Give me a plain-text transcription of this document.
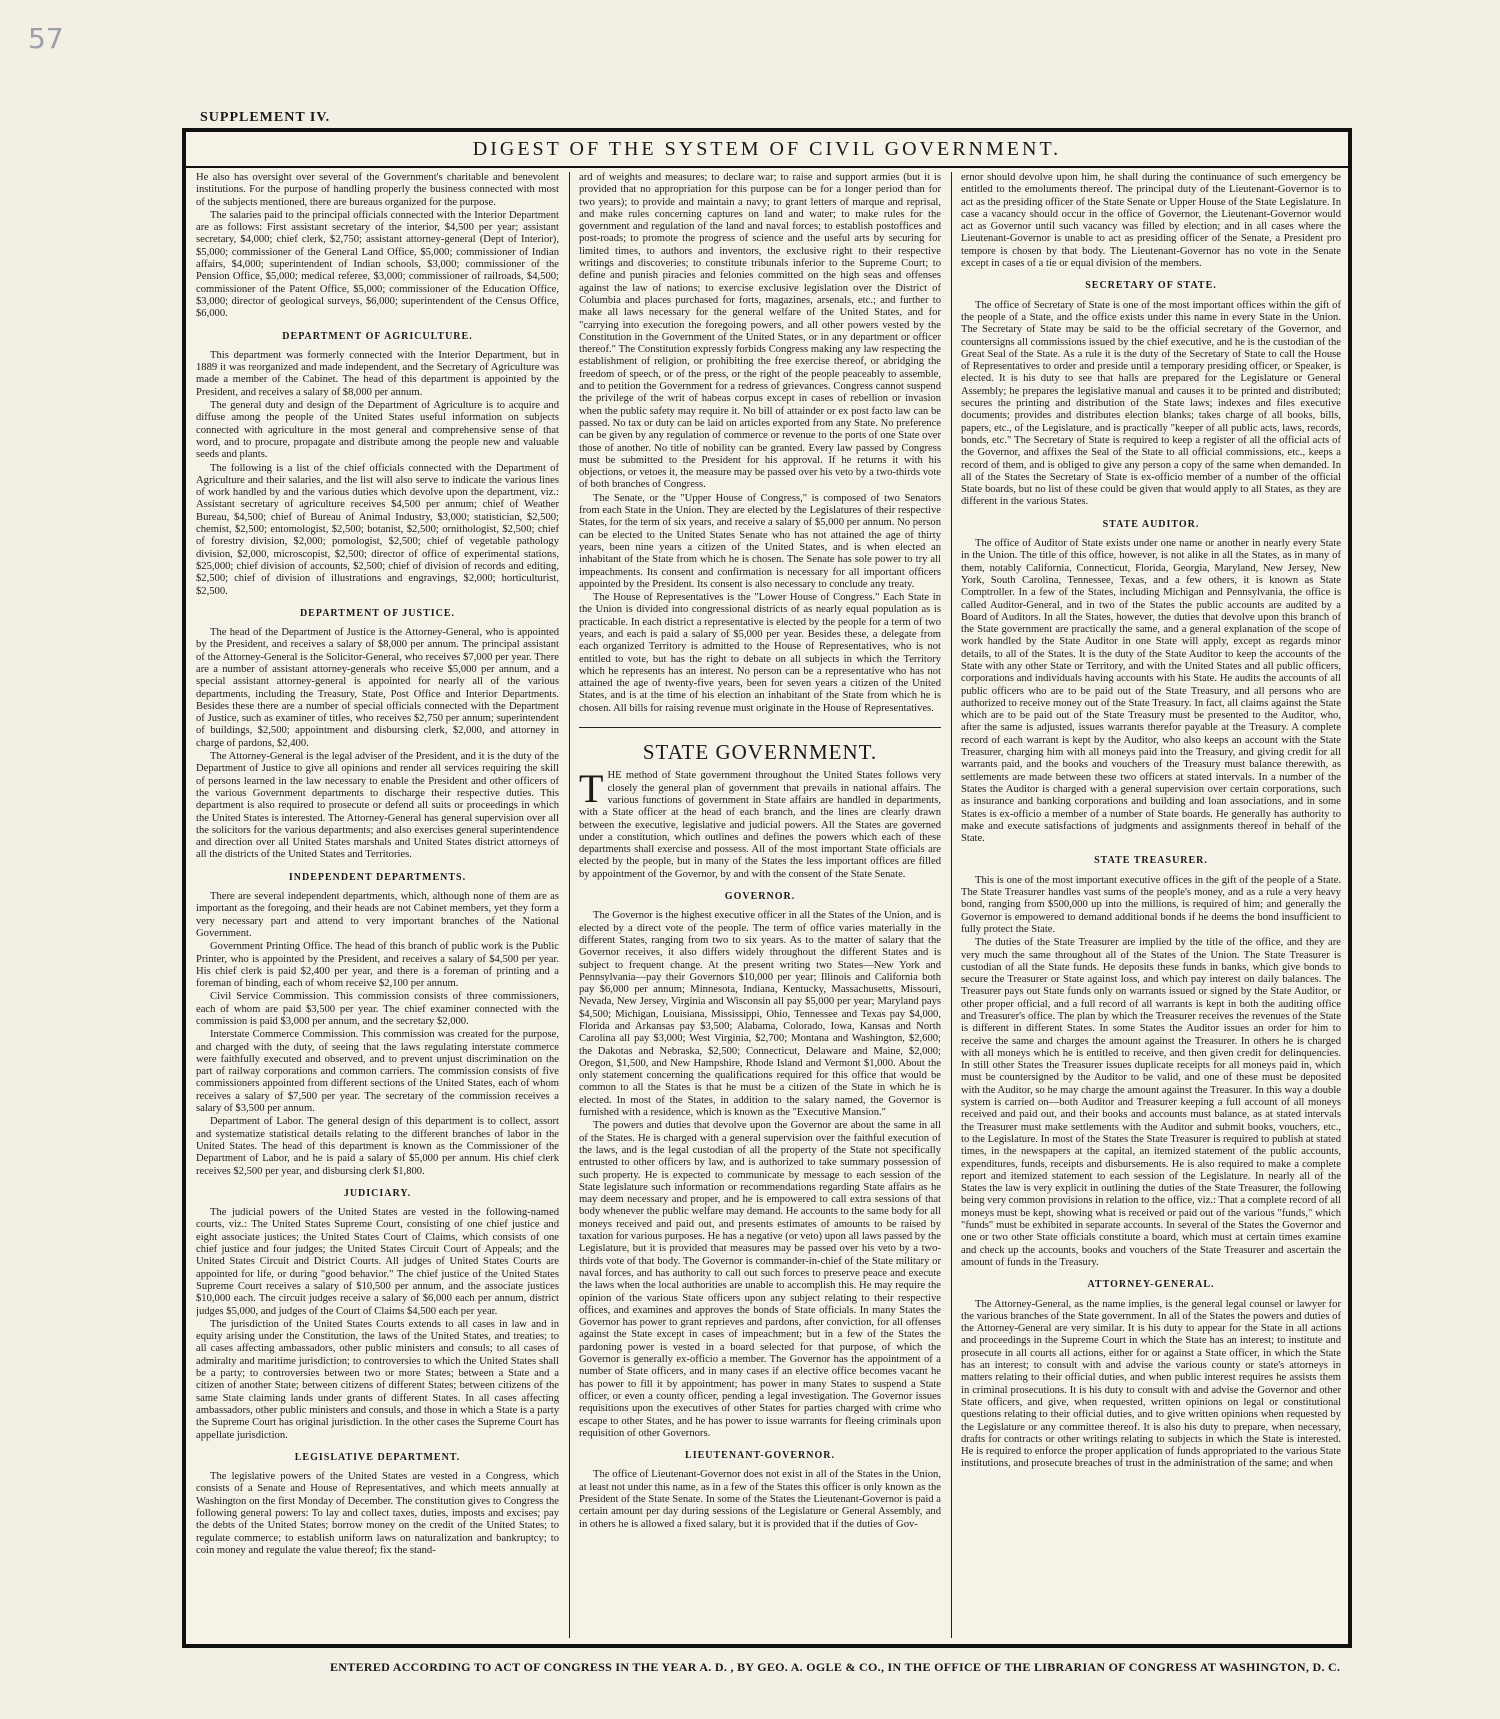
57
SUPPLEMENT IV.
DIGEST OF THE SYSTEM OF CIVIL GOVERNMENT.

He also has oversight over several of the Government's charitable and benevolent institutions. For the purpose of handling properly the business connected with most of the subjects mentioned, there are bureaus organized for the purpose.

The salaries paid to the principal officials connected with the Interior Department are as follows: First assistant secretary of the interior, $4,500 per year; assistant secretary, $4,000; chief clerk, $2,750; assistant attorney-general (Dept of Interior), $5,000; commissioner of the General Land Office, $5,000; commissioner of Indian affairs, $4,000; superintendent of Indian schools, $3,000; commissioner of the Pension Office, $5,000; medical referee, $3,000; commissioner of railroads, $4,500; commissioner of the Patent Office, $5,000; commissioner of the Education Office, $3,000; director of geological surveys, $6,000; superintendent of the Census Office, $6,000.

DEPARTMENT OF AGRICULTURE.

This department was formerly connected with the Interior Department, but in 1889 it was reorganized and made independent, and the Secretary of Agriculture was made a member of the Cabinet. The head of this department is appointed by the President, and receives a salary of $8,000 per annum.

The general duty and design of the Department of Agriculture is to acquire and diffuse among the people of the United States useful information on subjects connected with agriculture in the most general and comprehensive sense of that word, and to procure, propagate and distribute among the people new and valuable seeds and plants.

The following is a list of the chief officials connected with the Department of Agriculture and their salaries, and the list will also serve to indicate the various lines of work handled by and the various duties which devolve upon the department, viz.: Assistant secretary of agriculture receives $4,500 per annum; chief of Weather Bureau, $4,500; chief of Bureau of Animal Industry, $3,000; statistician, $2,500; chemist, $2,500; entomologist, $2,500; botanist, $2,500; ornithologist, $2,500; chief of forestry division, $2,000; pomologist, $2,500; chief of vegetable pathology division, $2,000, microscopist, $2,500; director of office of experimental stations, $25,000; chief division of accounts, $2,500; chief of division of records and editing, $2,500; chief of division of illustrations and engravings, $2,000; horticulturist, $2,500.

DEPARTMENT OF JUSTICE.

The head of the Department of Justice is the Attorney-General, who is appointed by the President, and receives a salary of $8,000 per annum. The principal assistant of the Attorney-General is the Solicitor-General, who receives $7,000 per year. There are a number of assistant attorney-generals who receive $5,000 per annum, and a special assistant attorney-general is appointed for nearly all of the various departments, including the Treasury, State, Post Office and Interior Departments. Besides these there are a number of special officials connected with the Department of Justice, such as examiner of titles, who receives $2,750 per annum; superintendent of buildings, $2,500; appointment and disbursing clerk, $2,000, and attorney in charge of pardons, $2,400.

The Attorney-General is the legal adviser of the President, and it is the duty of the Department of Justice to give all opinions and render all services requiring the skill of persons learned in the law necessary to enable the President and other officers of the various Government departments to discharge their respective duties. This department is also required to prosecute or defend all suits or proceedings in which the United States is interested. The Attorney-General has general supervision over all the solicitors for the various departments; and also exercises general superintendence and direction over all United States marshals and United States district attorneys of all the districts of the United States and Territories.

INDEPENDENT DEPARTMENTS.

There are several independent departments, which, although none of them are as important as the foregoing, and their heads are not Cabinet members, yet they form a very necessary part and attend to very important branches of the National Government.

Government Printing Office. The head of this branch of public work is the Public Printer, who is appointed by the President, and receives a salary of $4,500 per year. His chief clerk is paid $2,400 per year, and there is a foreman of printing and a foreman of binding, each of whom receive $2,100 per annum.

Civil Service Commission. This commission consists of three commissioners, each of whom are paid $3,500 per year. The chief examiner connected with the commission is paid $3,000 per annum, and the secretary $2,000.

Interstate Commerce Commission. This commission was created for the purpose, and charged with the duty, of seeing that the laws regulating interstate commerce were faithfully executed and observed, and to prevent unjust discrimination on the part of railway corporations and common carriers. The commission consists of five commissioners appointed from different sections of the United States, each of whom receives a salary of $7,500 per year. The secretary of the commission receives a salary of $3,500 per annum.

Department of Labor. The general design of this department is to collect, assort and systematize statistical details relating to the different branches of labor in the United States. The head of this department is known as the Commissioner of the Department of Labor, and he is paid a salary of $5,000 per annum. His chief clerk receives $2,500 per year, and disbursing clerk $1,800.

JUDICIARY.

The judicial powers of the United States are vested in the following-named courts, viz.: The United States Supreme Court, consisting of one chief justice and eight associate justices; the United States Court of Claims, which consists of one chief justice and four judges; the United States Circuit Court of Appeals; and the United States Circuit and District Courts. All judges of United States Courts are appointed for life, or during "good behavior." The chief justice of the United States Supreme Court receives a salary of $10,500 per annum, and the associate justices $10,000 each. The circuit judges receive a salary of $6,000 each per annum, district judges $5,000, and judges of the Court of Claims $4,500 each per year.

The jurisdiction of the United States Courts extends to all cases in law and in equity arising under the Constitution, the laws of the United States, and treaties; to all cases affecting ambassadors, other public ministers and consuls; to all cases of admiralty and maritime jurisdiction; to controversies to which the United States shall be a party; to controversies between two or more States; between a State and a citizen of another State; between citizens of different States; between citizens of the same State claiming lands under grants of different States. In all cases affecting ambassadors, other public ministers and consuls, and those in which a State is a party the Supreme Court has original jurisdiction. In the other cases the Supreme Court has appellate jurisdiction.

LEGISLATIVE DEPARTMENT.

The legislative powers of the United States are vested in a Congress, which consists of a Senate and House of Representatives, and which meets annually at Washington on the first Monday of December. The constitution gives to Congress the following general powers: To lay and collect taxes, duties, imposts and excises; pay the debts of the United States; borrow money on the credit of the United States; to regulate commerce; to establish uniform laws on naturalization and bankruptcy; to coin money and regulate the value thereof; fix the stand-

ard of weights and measures; to declare war; to raise and support armies (but it is provided that no appropriation for this purpose can be for a longer period than for two years); to provide and maintain a navy; to grant letters of marque and reprisal, and make rules concerning captures on land and water; to make rules for the government and regulation of the land and naval forces; to establish postoffices and post-roads; to promote the progress of science and the useful arts by securing for limited times, to authors and inventors, the exclusive right to their respective writings and discoveries; to constitute tribunals inferior to the Supreme Court; to define and punish piracies and felonies committed on the high seas and offenses against the law of nations; to exercise exclusive legislation over the District of Columbia and places purchased for forts, magazines, arsenals, etc.; and further to make all laws necessary for the general welfare of the United States, and for "carrying into execution the foregoing powers, and all other powers vested by the Constitution in the Government of the United States, or in any department or officer thereof." The Constitution expressly forbids Congress making any law respecting the establishment of religion, or prohibiting the free exercise thereof, or abridging the freedom of speech, or of the press, or the right of the people peaceably to assemble, and to petition the Government for a redress of grievances. Congress cannot suspend the privilege of the writ of habeas corpus except in cases of rebellion or invasion when the public safety may require it. No bill of attainder or ex post facto law can be passed. No tax or duty can be laid on articles exported from any State. No preference can be given by any regulation of commerce or revenue to the ports of one State over those of another. No title of nobility can be granted. Every law passed by Congress must be submitted to the President for his approval. If he returns it with his objections, or vetoes it, the measure may be passed over his veto by a two-thirds vote of both branches of Congress.

The Senate, or the "Upper House of Congress," is composed of two Senators from each State in the Union. They are elected by the Legislatures of their respective States, for the term of six years, and receive a salary of $5,000 per annum. No person can be elected to the United States Senate who has not attained the age of thirty years, been nine years a citizen of the United States, and is when elected an inhabitant of the State from which he is chosen. The Senate has sole power to try all impeachments. Its consent and confirmation is necessary for all important officers appointed by the President. Its consent is also necessary to conclude any treaty.

The House of Representatives is the "Lower House of Congress." Each State in the Union is divided into congressional districts of as nearly equal population as is practicable. In each district a representative is elected by the people for a term of two years, and each is paid a salary of $5,000 per year. Besides these, a delegate from each organized Territory is admitted to the House of Representatives, who is not entitled to vote, but has the right to debate on all subjects in which the Territory which he represents has an interest. No person can be a representative who has not attained the age of twenty-five years, been for seven years a citizen of the United States, and is at the time of his election an inhabitant of the State from which he is chosen. All bills for raising revenue must originate in the House of Representatives.

STATE GOVERNMENT.

THE method of State government throughout the United States follows very closely the general plan of government that prevails in national affairs. The various functions of government in State affairs are handled in departments, with a State officer at the head of each branch, and the lines are clearly drawn between the executive, legislative and judicial powers. All the States are governed under a constitution, which outlines and defines the powers which each of these departments shall exercise and possess. All of the most important State officials are elected by the people, but in many of the States the less important offices are filled by appointment of the Governor, by and with the consent of the State Senate.

GOVERNOR.

The Governor is the highest executive officer in all the States of the Union, and is elected by a direct vote of the people. The term of office varies materially in the different States, ranging from two to six years. As to the matter of salary that the Governor receives, it also differs widely throughout the different States and is subject to frequent change. At the present writing two States—New York and Pennsylvania—pay their Governors $10,000 per year; Illinois and California both pay $6,000 per annum; Minnesota, Indiana, Kentucky, Massachusetts, Missouri, Nevada, New Jersey, Virginia and Wisconsin all pay $5,000 per year; Maryland pays $4,500; Michigan, Louisiana, Mississippi, Ohio, Tennessee and Texas pay $4,000, Florida and Arkansas pay $3,500; Alabama, Colorado, Iowa, Kansas and North Carolina all pay $3,000; West Virginia, $2,700; Montana and Washington, $2,600; the Dakotas and Nebraska, $2,500; Connecticut, Delaware and Maine, $2,000; Oregon, $1,500, and New Hampshire, Rhode Island and Vermont $1,000. About the only statement concerning the qualifications required for this office that would be common to all the States is that he must be a citizen of the State in which he is elected. In most of the States, in addition to the salary named, the Governor is furnished with a residence, which is known as the "Executive Mansion."

The powers and duties that devolve upon the Governor are about the same in all of the States. He is charged with a general supervision over the faithful execution of the laws, and is the legal custodian of all the property of the State not specifically entrusted to other officers by law, and is authorized to take summary possession of such property. He is expected to communicate by message to each session of the State legislature such information or recommendations regarding State affairs as he may deem necessary and proper, and he is empowered to call extra sessions of that body whenever the public welfare may demand. He accounts to the same body for all moneys received and paid out, and presents estimates of amounts to be raised by taxation for various purposes. He has a negative (or veto) upon all laws passed by the Legislature, but it is provided that measures may be passed over his veto by a two-thirds vote of that body. The Governor is commander-in-chief of the State military or naval forces, and has authority to call out such forces to preserve peace and execute the laws when the local authorities are unable to accomplish this. He may require the opinion of the various State officers upon any subject relating to their respective offices, and examines and approves the bonds of State officials. In many States the Governor has power to grant reprieves and pardons, after conviction, for all offenses against the State except in cases of impeachment; but in a few of the States the pardoning power is vested in a board selected for that purpose, of which the Governor is generally ex-officio a member. The Governor has the appointment of a number of State officers, and in many cases if an elective office becomes vacant he has power to fill it by appointment; has power in many States to suspend a State officer, or even a county officer, pending a legal investigation. The Governor issues requisitions upon the executives of other States for parties charged with crime who escape to other States, and he has power to issue warrants for fleeing criminals upon requisition of other Governors.

LIEUTENANT-GOVERNOR.

The office of Lieutenant-Governor does not exist in all of the States in the Union, at least not under this name, as in a few of the States this officer is only known as the President of the State Senate. In some of the States the Lieutenant-Governor is paid a certain amount per day during sessions of the Legislature or General Assembly, and in others he is allowed a fixed salary, but it is provided that if the duties of Gov-

ernor should devolve upon him, he shall during the continuance of such emergency be entitled to the emoluments thereof. The principal duty of the Lieutenant-Governor is to act as the presiding officer of the State Senate or Upper House of the State Legislature. In case a vacancy should occur in the office of Governor, the Lieutenant-Governor would act as Governor until such vacancy was filled by election; and in all cases where the Lieutenant-Governor is unable to act as presiding officer of the Senate, a President pro tempore is chosen by that body. The Lieutenant-Governor has no vote in the Senate except in cases of a tie or equal division of the members.

SECRETARY OF STATE.

The office of Secretary of State is one of the most important offices within the gift of the people of a State, and the office exists under this name in every State in the Union. The Secretary of State may be said to be the official secretary of the Governor, and countersigns all commissions issued by the chief executive, and he is the custodian of the Great Seal of the State. As a rule it is the duty of the Secretary of State to call the House of Representatives to order and preside until a temporary presiding officer, or Speaker, is elected. It is his duty to see that halls are prepared for the Legislature or General Assembly; he prepares the legislative manual and causes it to be printed and distributed; secures the printing and distribution of the State laws; indexes and files executive documents; provides and distributes election blanks; takes charge of all books, bills, papers, etc., of the Legislature, and is practically "keeper of all public acts, laws, records, bonds, etc." The Secretary of State is required to keep a register of all the official acts of the Governor, and affixes the Seal of the State to all official commissions, etc., keeps a record of them, and is obliged to give any person a copy of the same when demanded. In all of the States the Secretary of State is ex-officio member of a number of the official State boards, but no list of these could be given that would apply to all States, as they are different in the various States.

STATE AUDITOR.

The office of Auditor of State exists under one name or another in nearly every State in the Union. The title of this office, however, is not alike in all the States, as in many of them, notably California, Connecticut, Florida, Georgia, Maryland, New Jersey, New York, South Carolina, Tennessee, Texas, and a few others, it is known as State Comptroller. In a few of the States, including Michigan and Pennsylvania, the office is called Auditor-General, and in two of the States the public accounts are audited by a Board of Auditors. In all the States, however, the duties that devolve upon this branch of the State government are practically the same, and a general explanation of the scope of work handled by the State Auditor in one State will apply, except as regards minor details, to all of the States. It is the duty of the State Auditor to keep the accounts of the State with any other State or Territory, and with the United States and all public officers, corporations and individuals having accounts with his State. He audits the accounts of all public officers who are to be paid out of the State Treasury, and all persons who are authorized to receive money out of the State Treasury. In fact, all claims against the State which are to be paid out of the State Treasury must be presented to the Auditor, who, after the same is adjusted, issues warrants therefor payable at the Treasury. A complete record of each warrant is kept by the Auditor, who also keeps an account with the State Treasurer, charging him with all moneys paid into the Treasury, and giving credit for all warrants paid, and the books and vouchers of the Treasury must balance therewith, as settlements are made between these two officers at stated intervals. In a number of the States the Auditor is charged with a general supervision over certain corporations, such as insurance and banking corporations and building and loan associations, and in some States is ex-officio a member of a number of State boards. He generally has authority to make and execute satisfactions of judgments and assignments thereof in behalf of the State.

STATE TREASURER.

This is one of the most important executive offices in the gift of the people of a State. The State Treasurer handles vast sums of the people's money, and as a rule a very heavy bond, ranging from $500,000 up into the millions, is required of him; and generally the Governor is empowered to demand additional bonds if he deems the bond insufficient to fully protect the State.

The duties of the State Treasurer are implied by the title of the office, and they are very much the same throughout all of the States of the Union. The State Treasurer is custodian of all the State funds. He deposits these funds in banks, which give bonds to secure the Treasurer or State against loss, and which pay interest on daily balances. The Treasurer pays out State funds only on warrants issued or signed by the State Auditor, or other proper official, and a full record of all warrants is kept in both the auditing office and Treasurer's office. The plan by which the Treasurer receives the revenues of the State is different in different States. In some States the Auditor issues an order for him to receive the same and charges the amount against the Treasurer. In others he is charged with all moneys which he is entitled to receive, and then given credit for delinquencies. In still other States the Treasurer issues duplicate receipts for all moneys paid in, which must be countersigned by the Auditor to be valid, and one of these must be deposited with the Auditor, so he may charge the amount against the Treasurer. In this way a double system is carried on—both Auditor and Treasurer keeping a full account of all moneys received and paid out, and their books and accounts must balance, as at stated intervals the Treasurer must make settlements with the Auditor and submit books, vouchers, etc., to the Legislature. In most of the States the State Treasurer is required to publish at stated times, in the newspapers at the capital, an itemized statement of the public accounts, expenditures, funds, receipts and disbursements. He is also required to make a complete report and itemized statement to each session of the Legislature. In nearly all of the States the law is very explicit in outlining the duties of the State Treasurer, the following being very common provisions in relation to the office, viz.: That a complete record of all moneys must be kept, showing what is received or paid out of the various "funds," which "funds" must be exhibited in separate accounts. In several of the States the Governor and one or two other State officials constitute a board, which must at certain times examine and check up the accounts, books and vouchers of the State Treasurer and ascertain the amount of funds in the Treasury.

ATTORNEY-GENERAL.

The Attorney-General, as the name implies, is the general legal counsel or lawyer for the various branches of the State government. In all of the States the powers and duties of the Attorney-General are very similar. It is his duty to appear for the State in all actions and proceedings in the Supreme Court in which the State has an interest; to institute and prosecute in all courts all actions, either for or against a State officer, in which the State has an interest; to consult with and advise the various county or state's attorneys in matters relating to their official duties, and when public interest requires he assists them in criminal prosecutions. It is his duty to consult with and advise the Governor and other State officers, and give, when requested, written opinions on legal or constitutional questions relating to their official duties, and to give written opinions when requested by the Legislature or any committee thereof. It is also his duty to prepare, when necessary, drafts for contracts or other writings relating to subjects in which the State is interested. He is required to enforce the proper application of funds appropriated to the various State institutions, and prosecute breaches of trust in the administration of the same; and when

ENTERED ACCORDING TO ACT OF CONGRESS IN THE YEAR A. D. , BY GEO. A. OGLE & CO., IN THE OFFICE OF THE LIBRARIAN OF CONGRESS AT WASHINGTON, D. C.
